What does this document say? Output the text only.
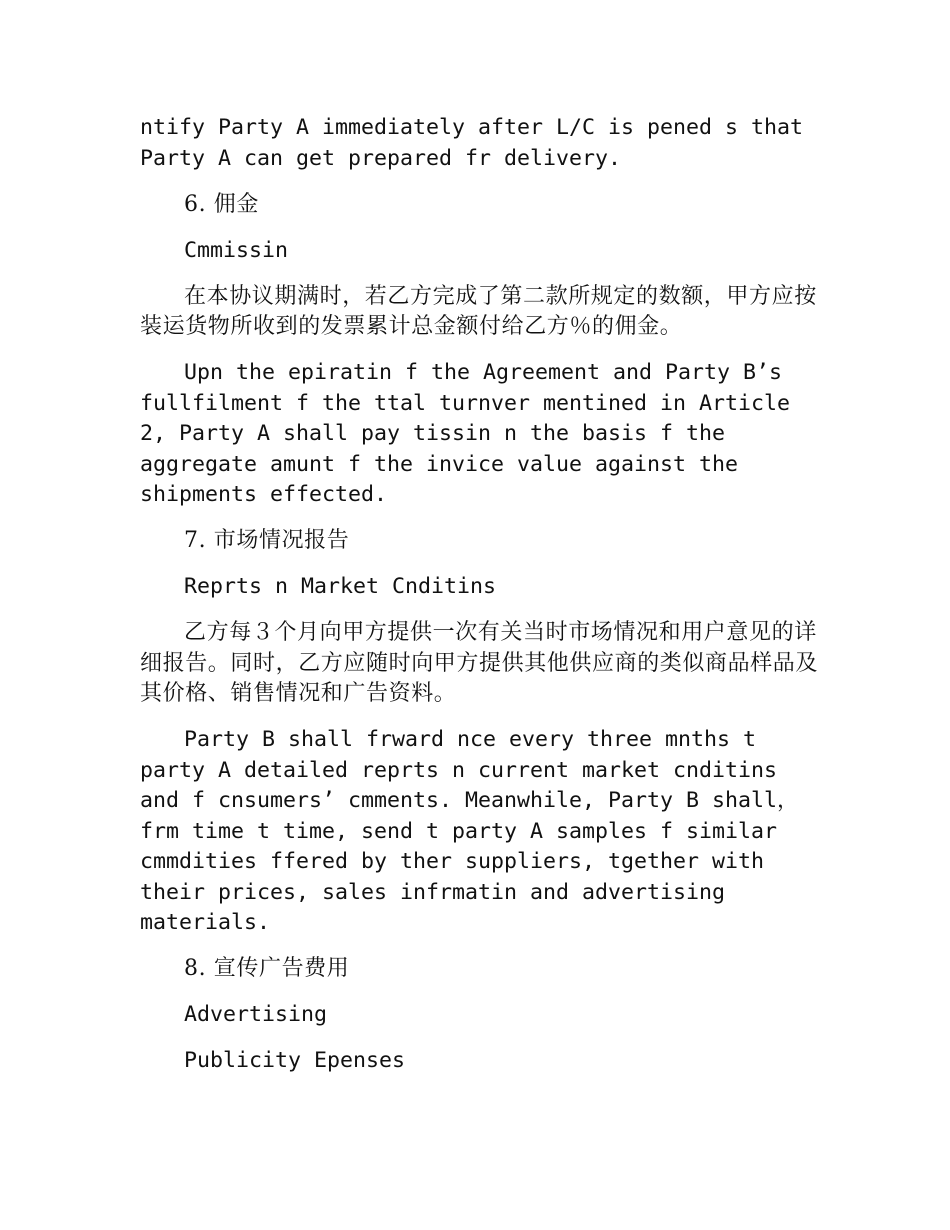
ntify Party A immediately after L/C is pened s that Party A can get prepared fr delivery.

6. 佣金

Cmmissin

在本协议期满时，若乙方完成了第二款所规定的数额，甲方应按装运货物所收到的发票累计总金额付给乙方％的佣金。

Upn the epiratin f the Agreement and Party B’s fullfilment f the ttal turnver mentined in Article 2, Party A shall pay tissin n the basis f the aggregate amunt f the invice value against the shipments effected.

7. 市场情况报告

Reprts n Market Cnditins

乙方每３个月向甲方提供一次有关当时市场情况和用户意见的详细报告。同时，乙方应随时向甲方提供其他供应商的类似商品样品及其价格、销售情况和广告资料。

Party B shall frward nce every three mnths t party A detailed reprts n current market cnditins and f cnsumers’ cmments. Meanwhile, Party B shall，frm time t time, send t party A samples f similar cmmdities ffered by ther suppliers, tgether with their prices, sales infrmatin and advertising materials.

8. 宣传广告费用

Advertising

Publicity Epenses
